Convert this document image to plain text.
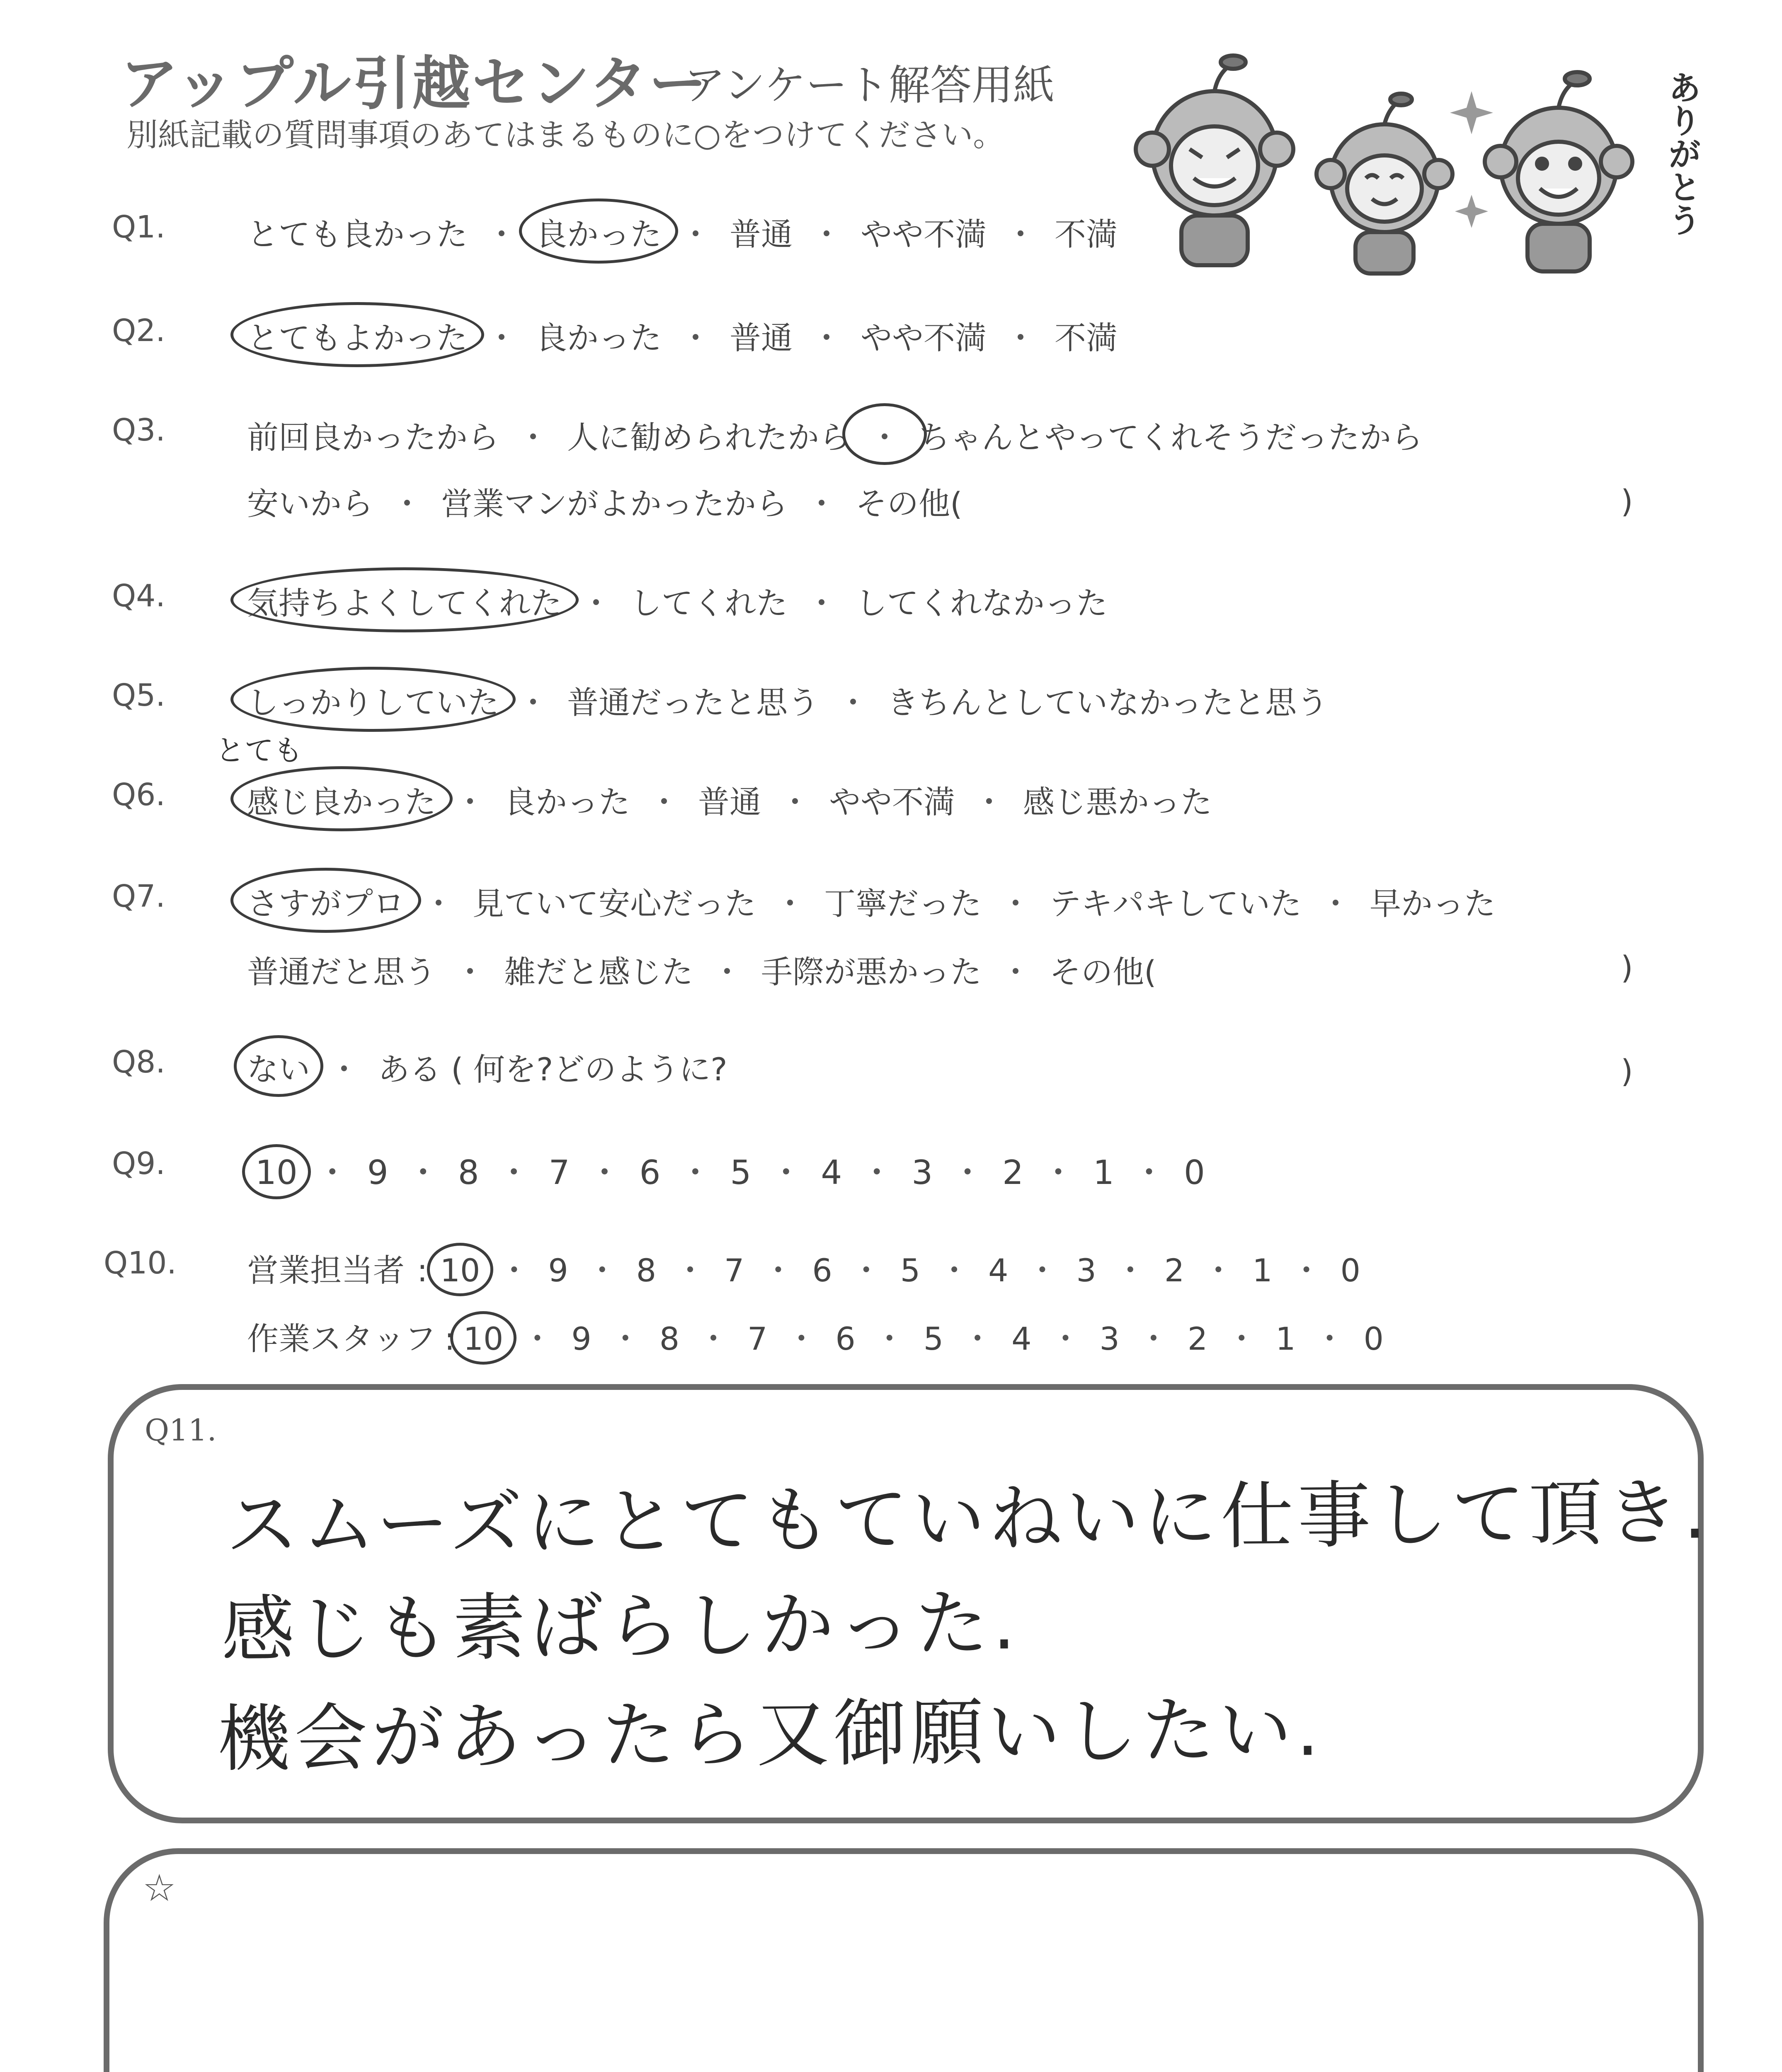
アップル引越センター
アンケート解答用紙
別紙記載の質問事項のあてはまるものに○をつけてください。	ありがとう
Q1.	とても良かった ・ 良かった ・ 普通 ・ やや不満 ・ 不満
Q2.	とてもよかった ・ 良かった ・ 普通 ・ やや不満 ・ 不満
Q3.	前回良かったから ・ 人に勧められたから ・ ちゃんとやってくれそうだったから
安いから ・ 営業マンがよかったから ・ その他(	)
Q4.	気持ちよくしてくれた ・ してくれた ・ してくれなかった
Q5.	しっかりしていた ・ 普通だったと思う ・ きちんとしていなかったと思う
とても
Q6.	感じ良かった ・ 良かった ・ 普通 ・ やや不満 ・ 感じ悪かった
Q7.	さすがプロ ・ 見ていて安心だった ・ 丁寧だった ・ テキパキしていた ・ 早かった
普通だと思う ・ 雑だと感じた ・ 手際が悪かった ・ その他(	)
Q8.	ない ・ ある ( 何を?どのように?	)
Q9.	10 ・ 9 ・ 8 ・ 7 ・ 6 ・ 5 ・ 4 ・ 3 ・ 2 ・ 1 ・ 0
Q10. 営業担当者 : 10 ・ 9 ・ 8 ・ 7 ・ 6 ・ 5 ・ 4 ・ 3 ・ 2 ・ 1 ・ 0
作業スタッフ : 10 ・ 9 ・ 8 ・ 7 ・ 6 ・ 5 ・ 4 ・ 3 ・ 2 ・ 1 ・ 0
Q11.
スムーズにとてもていねいに仕事して頂き.
感じも素ばらしかった.
機会があったら又御願いしたい.
☆
